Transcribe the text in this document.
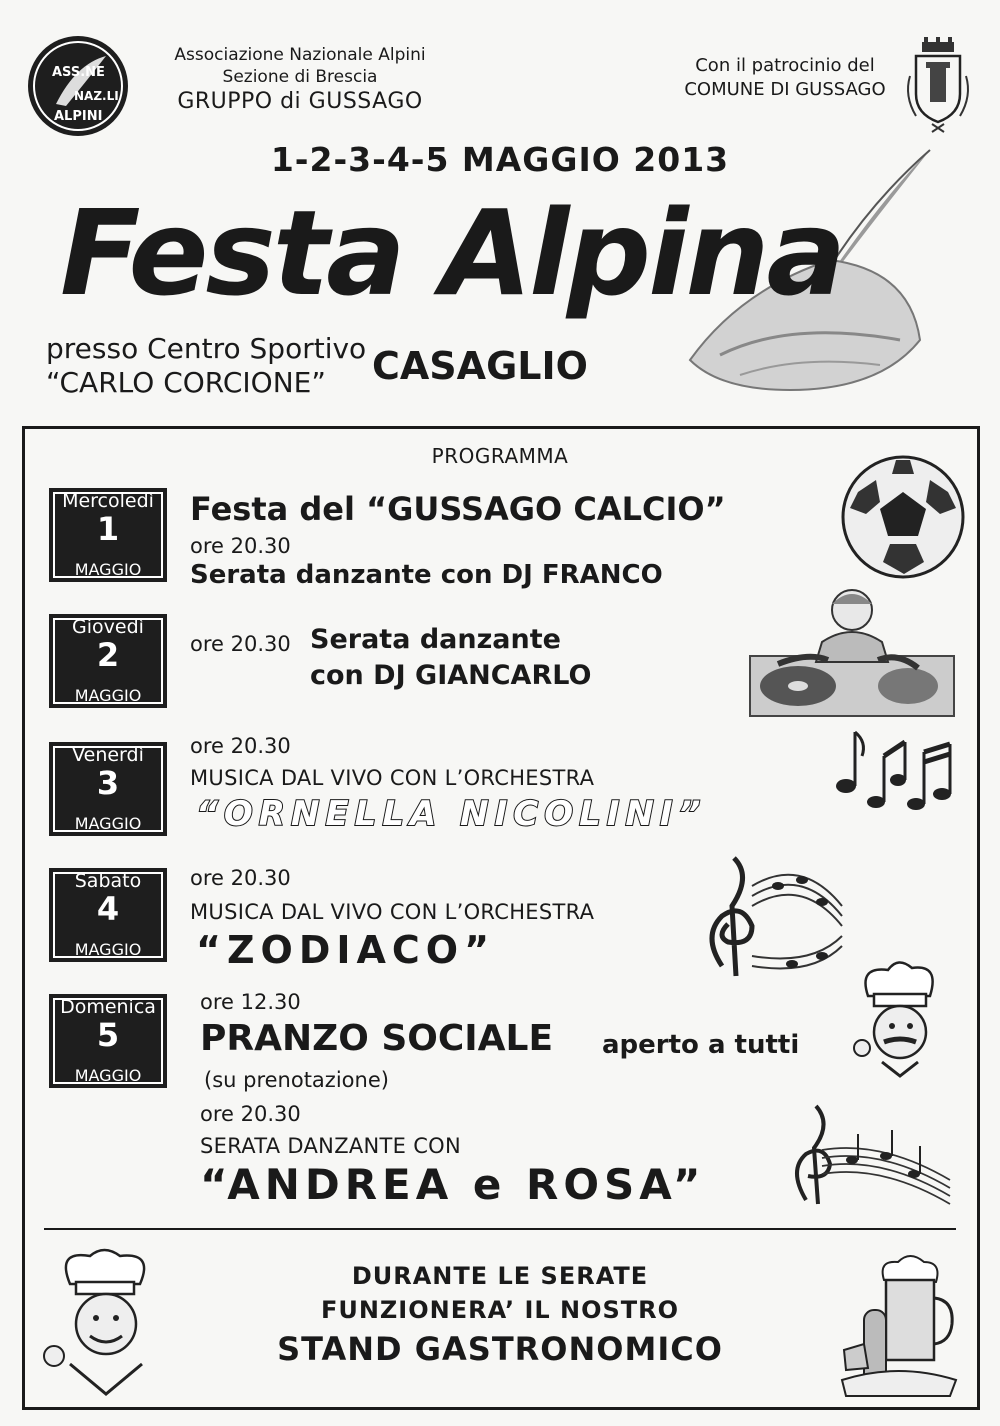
ASS.NE
NAZ.LI
ALPINI
Associazione Nazionale Alpini
Sezione di Brescia
GRUPPO di GUSSAGO
Con il patrocinio del
COMUNE DI GUSSAGO
1-2-3-4-5 MAGGIO 2013
Festa Alpina
presso Centro Sportivo
“CARLO CORCIONE” CASAGLIO
PROGRAMMA
Mercoledì
1
MAGGIO
Festa del “GUSSAGO CALCIO”
ore 20.30
Serata danzante con DJ FRANCO
Giovedì
2
MAGGIO
ore 20.30 Serata danzante
con DJ GIANCARLO
Venerdì
3
MAGGIO
ore 20.30
MUSICA DAL VIVO CON L’ORCHESTRA
“ORNELLA NICOLINI”
Sabato
4
MAGGIO
ore 20.30
MUSICA DAL VIVO CON L’ORCHESTRA
“ZODIACO”
Domenica
5
MAGGIO
ore 12.30
PRANZO SOCIALE aperto a tutti
(su prenotazione)
ore 20.30
SERATA DANZANTE CON
“ANDREA e ROSA”
DURANTE LE SERATE
FUNZIONERA’ IL NOSTRO
STAND GASTRONOMICO
